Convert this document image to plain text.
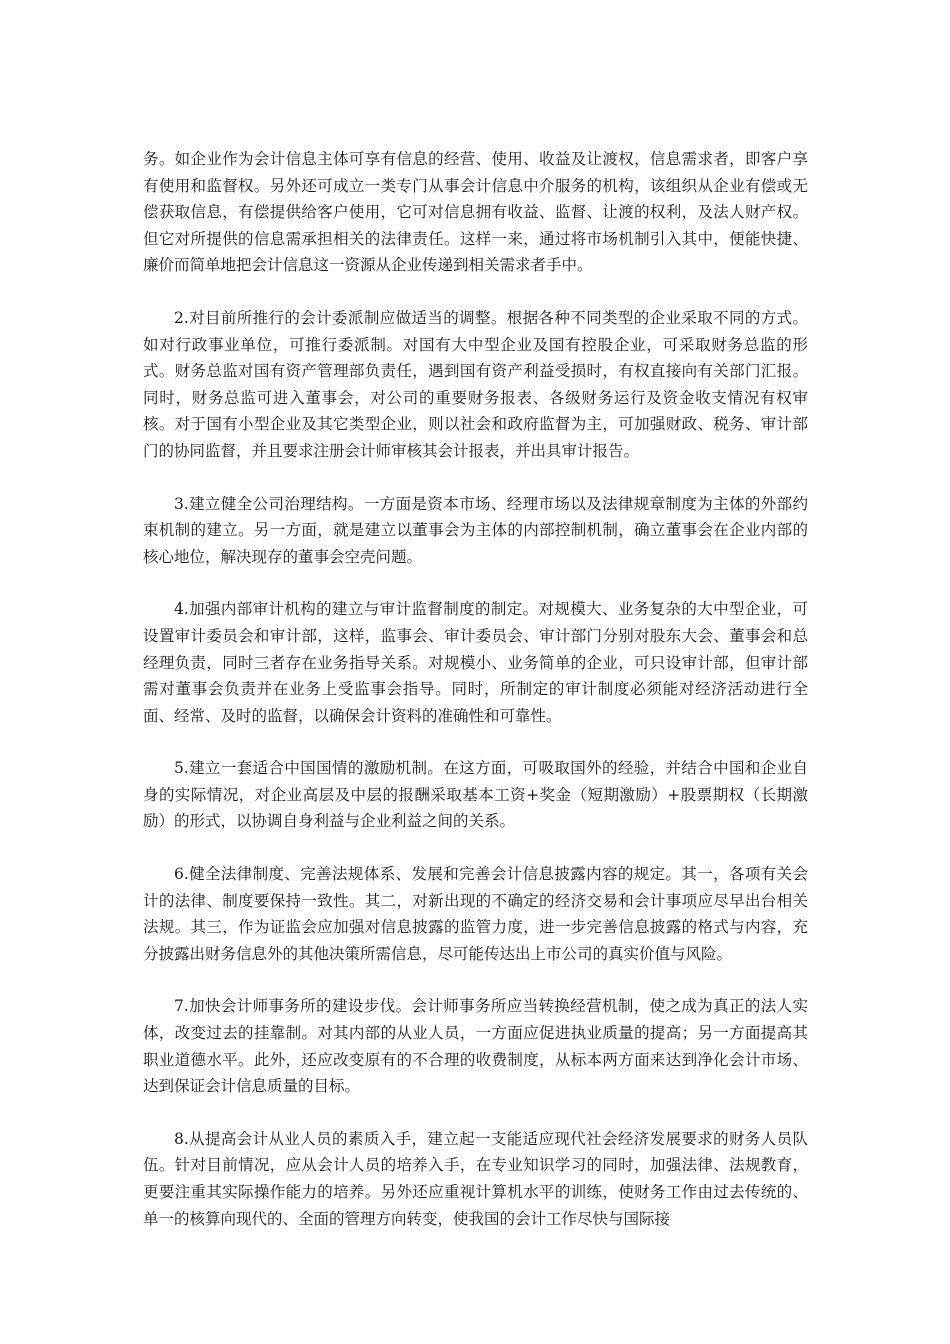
务。如企业作为会计信息主体可享有信息的经营、使用、收益及让渡权，信息需求者，即客户享有使用和监督权。另外还可成立一类专门从事会计信息中介服务的机构，该组织从企业有偿或无偿获取信息，有偿提供给客户使用，它可对信息拥有收益、监督、让渡的权利，及法人财产权。但它对所提供的信息需承担相关的法律责任。这样一来，通过将市场机制引入其中，便能快捷、廉价而简单地把会计信息这一资源从企业传递到相关需求者手中。

2.对目前所推行的会计委派制应做适当的调整。根据各种不同类型的企业采取不同的方式。如对行政事业单位，可推行委派制。对国有大中型企业及国有控股企业，可采取财务总监的形式。财务总监对国有资产管理部负责任，遇到国有资产利益受损时，有权直接向有关部门汇报。同时，财务总监可进入董事会，对公司的重要财务报表、各级财务运行及资金收支情况有权审核。对于国有小型企业及其它类型企业，则以社会和政府监督为主，可加强财政、税务、审计部门的协同监督，并且要求注册会计师审核其会计报表，并出具审计报告。

3.建立健全公司治理结构。一方面是资本市场、经理市场以及法律规章制度为主体的外部约束机制的建立。另一方面，就是建立以董事会为主体的内部控制机制，确立董事会在企业内部的核心地位，解决现存的董事会空壳问题。

4.加强内部审计机构的建立与审计监督制度的制定。对规模大、业务复杂的大中型企业，可设置审计委员会和审计部，这样，监事会、审计委员会、审计部门分别对股东大会、董事会和总经理负责，同时三者存在业务指导关系。对规模小、业务简单的企业，可只设审计部，但审计部需对董事会负责并在业务上受监事会指导。同时，所制定的审计制度必须能对经济活动进行全面、经常、及时的监督，以确保会计资料的准确性和可靠性。

5.建立一套适合中国国情的激励机制。在这方面，可吸取国外的经验，并结合中国和企业自身的实际情况，对企业高层及中层的报酬采取基本工资+奖金（短期激励）+股票期权（长期激励）的形式，以协调自身利益与企业利益之间的关系。

6.健全法律制度、完善法规体系、发展和完善会计信息披露内容的规定。其一，各项有关会计的法律、制度要保持一致性。其二，对新出现的不确定的经济交易和会计事项应尽早出台相关法规。其三，作为证监会应加强对信息披露的监管力度，进一步完善信息披露的格式与内容，充分披露出财务信息外的其他决策所需信息，尽可能传达出上市公司的真实价值与风险。

7.加快会计师事务所的建设步伐。会计师事务所应当转换经营机制，使之成为真正的法人实体，改变过去的挂靠制。对其内部的从业人员，一方面应促进执业质量的提高；另一方面提高其职业道德水平。此外，还应改变原有的不合理的收费制度，从标本两方面来达到净化会计市场、达到保证会计信息质量的目标。

8.从提高会计从业人员的素质入手，建立起一支能适应现代社会经济发展要求的财务人员队伍。针对目前情况，应从会计人员的培养入手，在专业知识学习的同时，加强法律、法规教育，更要注重其实际操作能力的培养。另外还应重视计算机水平的训练，使财务工作由过去传统的、单一的核算向现代的、全面的管理方向转变，使我国的会计工作尽快与国际接
